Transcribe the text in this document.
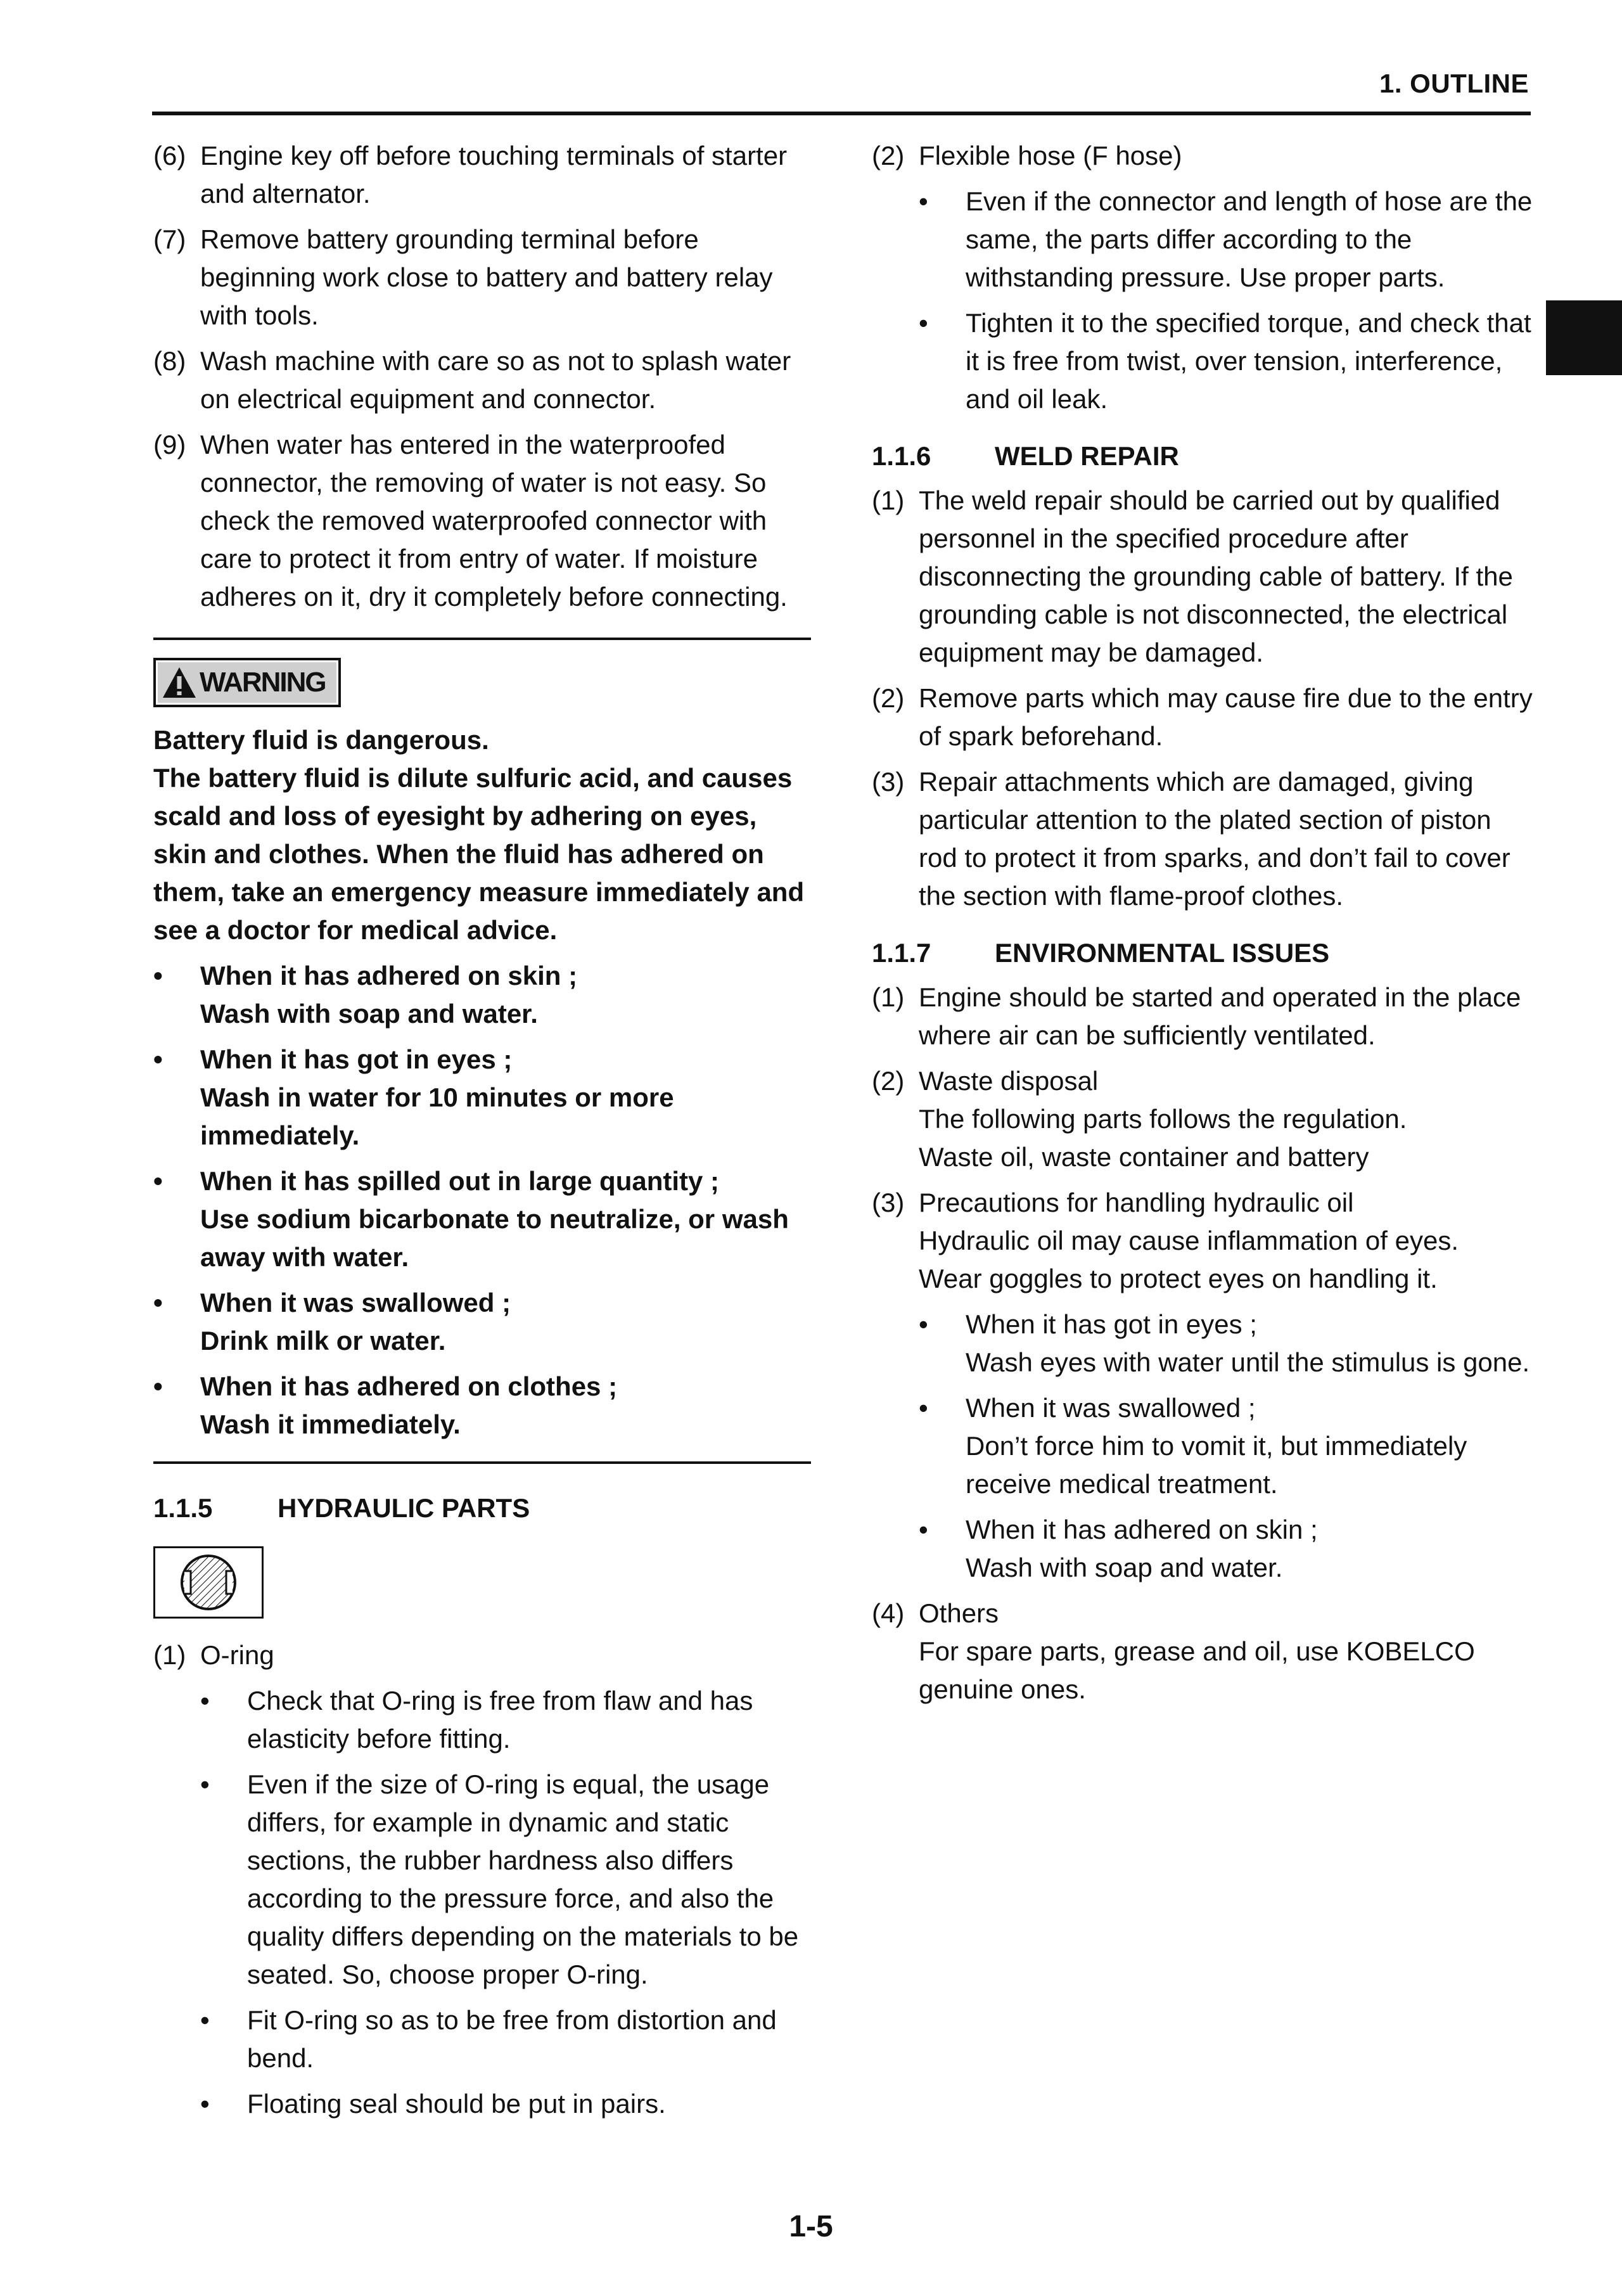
1. OUTLINE
(6) Engine key off before touching terminals of starter and alternator.
(7) Remove battery grounding terminal before beginning work close to battery and battery relay with tools.
(8) Wash machine with care so as not to splash water on electrical equipment and connector.
(9) When water has entered in the waterproofed connector, the removing of water is not easy. So check the removed waterproofed connector with care to protect it from entry of water. If moisture adheres on it, dry it completely before connecting.
WARNING
Battery fluid is dangerous.
The battery fluid is dilute sulfuric acid, and causes scald and loss of eyesight by adhering on eyes, skin and clothes. When the fluid has adhered on them, take an emergency measure immediately and see a doctor for medical advice.
•	When it has adhered on skin ;
Wash with soap and water.
•	When it has got in eyes ;
Wash in water for 10 minutes or more immediately.
•	When it has spilled out in large quantity ;
Use sodium bicarbonate to neutralize, or wash away with water.
•	When it was swallowed ;
Drink milk or water.
•	When it has adhered on clothes ;
Wash it immediately.
1.1.5	HYDRAULIC PARTS
(1) O-ring
•	Check that O-ring is free from flaw and has elasticity before fitting.
•	Even if the size of O-ring is equal, the usage differs, for example in dynamic and static sections, the rubber hardness also differs according to the pressure force, and also the quality differs depending on the materials to be seated. So, choose proper O-ring.
•	Fit O-ring so as to be free from distortion and bend.
•	Floating seal should be put in pairs.
(2) Flexible hose (F hose)
•	Even if the connector and length of hose are the same, the parts differ according to the withstanding pressure. Use proper parts.
•	Tighten it to the specified torque, and check that it is free from twist, over tension, interference, and oil leak.
1.1.6	WELD REPAIR
(1) The weld repair should be carried out by qualified personnel in the specified procedure after disconnecting the grounding cable of battery. If the grounding cable is not disconnected, the electrical equipment may be damaged.
(2) Remove parts which may cause fire due to the entry of spark beforehand.
(3) Repair attachments which are damaged, giving particular attention to the plated section of piston rod to protect it from sparks, and don’t fail to cover the section with flame-proof clothes.
1.1.7	ENVIRONMENTAL ISSUES
(1) Engine should be started and operated in the place where air can be sufficiently ventilated.
(2) Waste disposal
The following parts follows the regulation.
Waste oil, waste container and battery
(3) Precautions for handling hydraulic oil
Hydraulic oil may cause inflammation of eyes.
Wear goggles to protect eyes on handling it.
•	When it has got in eyes ;
Wash eyes with water until the stimulus is gone.
•	When it was swallowed ;
Don’t force him to vomit it, but immediately receive medical treatment.
•	When it has adhered on skin ;
Wash with soap and water.
(4) Others
For spare parts, grease and oil, use KOBELCO genuine ones.
1-5
